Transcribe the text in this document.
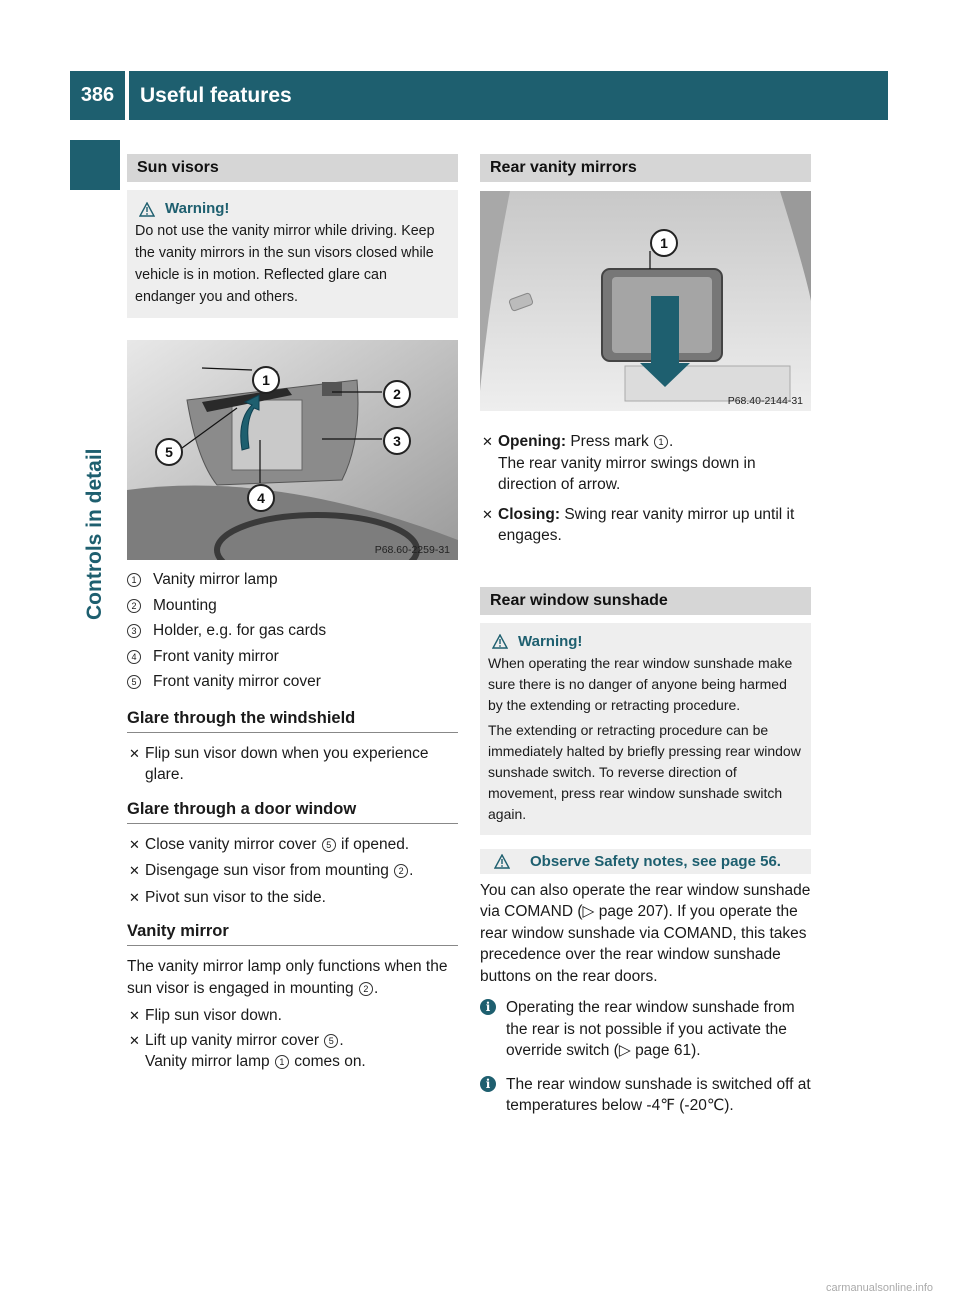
386	Useful features
Controls in detail
Sun visors
Warning!

Do not use the vanity mirror while driving. Keep the vanity mirrors in the sun visors closed while vehicle is in motion. Reflected glare can endanger you and others.

1
2
3
4
5
P68.60-2259-31
1 Vanity mirror lamp
2 Mounting
3 Holder, e.g. for gas cards
4 Front vanity mirror
5 Front vanity mirror cover
Glare through the windshield
✕ Flip sun visor down when you experience glare.
Glare through a door window
✕ Close vanity mirror cover 5 if opened.
✕ Disengage sun visor from mounting 2 .
✕ Pivot sun visor to the side.
Vanity mirror
The vanity mirror lamp only functions when the sun visor is engaged in mounting 2 .
✕ Flip sun visor down.
✕ Lift up vanity mirror cover 5 .
Vanity mirror lamp 1 comes on.
Rear vanity mirrors
1
P68.40-2144-31
✕ Opening: Press mark 1 .
The rear vanity mirror swings down in direction of arrow.
✕ Closing: Swing rear vanity mirror up until it engages.
Rear window sunshade
Warning!

When operating the rear window sunshade make sure there is no danger of anyone being harmed by the extending or retracting procedure.

The extending or retracting procedure can be immediately halted by briefly pressing rear window sunshade switch. To reverse direction of movement, press rear window sunshade switch again.

Observe Safety notes, see page 56.
You can also operate the rear window sunshade via COMAND (▷ page 207). If you operate the rear window sunshade via COMAND, this takes precedence over the rear window sunshade buttons on the rear doors.
i	Operating the rear window sunshade from the rear is not possible if you activate the override switch (▷ page 61).
i	The rear window sunshade is switched off at temperatures below -4℉ (-20℃).
carmanualsonline.info
